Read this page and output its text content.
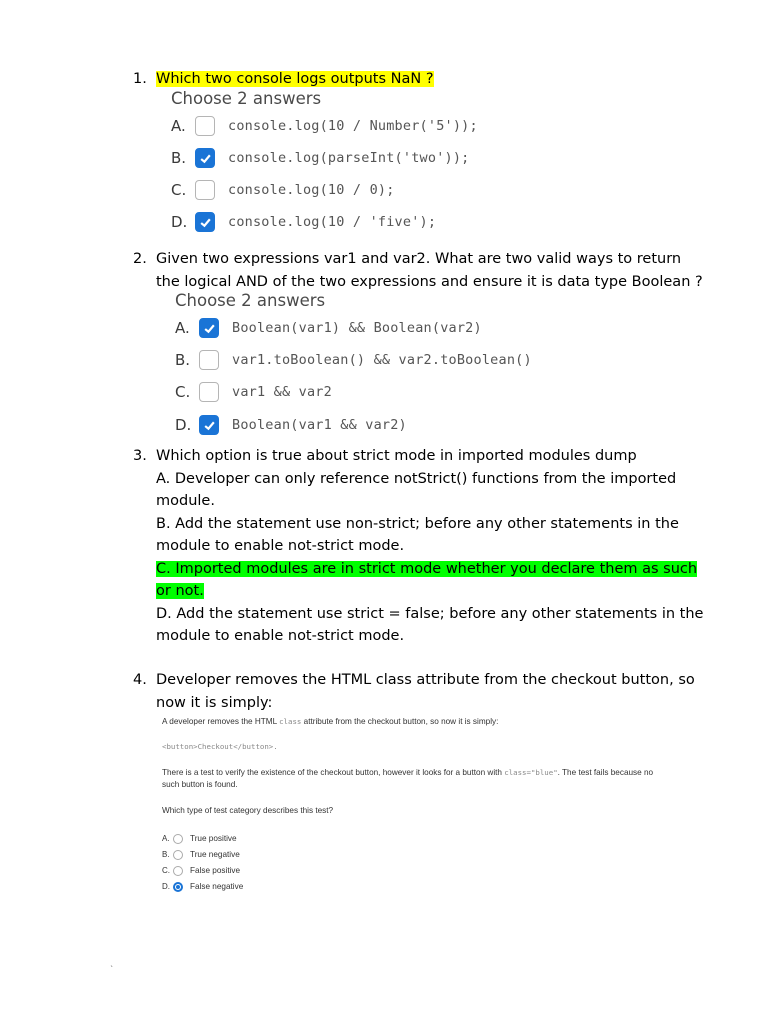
1. Which two console logs outputs NaN ?
Choose 2 answers
A.	console.log(10 / Number('5'));
B.	console.log(parseInt('two'));
C.	console.log(10 / 0);
D.	console.log(10 / 'five');
2. Given two expressions var1 and var2. What are two valid ways to return
the logical AND of the two expressions and ensure it is data type Boolean ?
Choose 2 answers
A.	Boolean(var1) && Boolean(var2)
B.	var1.toBoolean() && var2.toBoolean()
C.	var1 && var2
D.	Boolean(var1 && var2)
3. Which option is true about strict mode in imported modules dump
A. Developer can only reference notStrict() functions from the imported
module.
B. Add the statement use non-strict; before any other statements in the
module to enable not-strict mode.
C. Imported modules are in strict mode whether you declare them as such
or not.
D. Add the statement use strict = false; before any other statements in the
module to enable not-strict mode.
4. Developer removes the HTML class attribute from the checkout button, so
now it is simply:
A developer removes the HTML class attribute from the checkout button, so now it is simply:
<button>Checkout</button>.
There is a test to verify the existence of the checkout button, however it looks for a button with class="blue". The test fails because no
such button is found.
Which type of test category describes this test?
A.	True positive
B.	True negative
C.	False positive
D.	False negative
`
